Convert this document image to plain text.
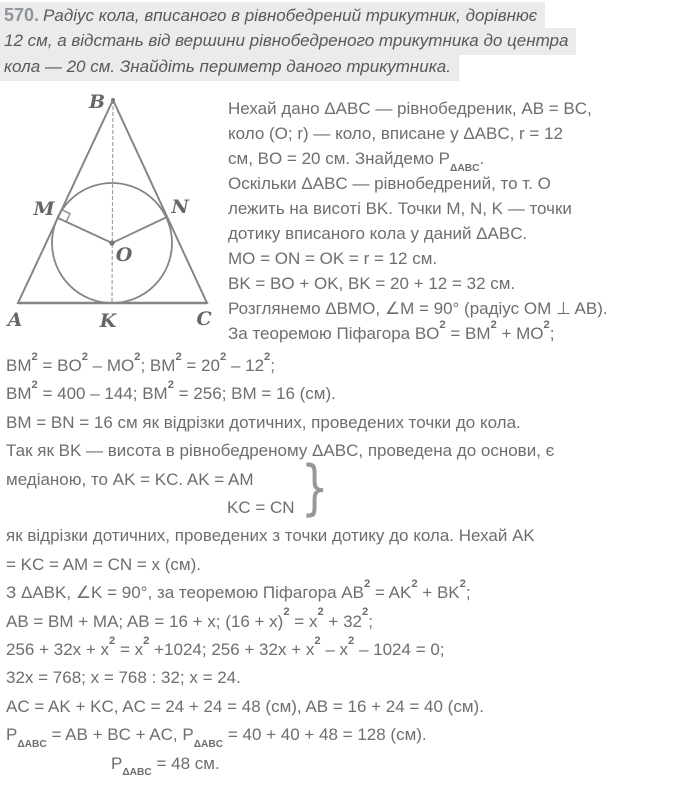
570. Радіус кола, вписаного в рівнобедрений трикутник, дорівнює
12 см, а відстань від вершини рівнобедреного трикутника до центра
кола — 20 см. Знайдіть периметр даного трикутника.
B
M	N
O
A	K	C
Нехай дано ΔABC — рівнобедреник, AB = BC,
коло (O; r) — коло, вписане у ΔABC, r = 12
см, BO = 20 см. Знайдемо $P_{\Delta ABC}$.
Оскільки ΔABC — рівнобедрений, то т. O
лежить на висоті BK. Точки M, N, K — точки
дотику вписаного кола у даний ΔABC.
MO = ON = OK = r = 12 см.
BK = BO + OK, BK = 20 + 12 = 32 см.
Розглянемо ΔBMO, ∠M = 90° (радіус OM ⊥ AB).
За теоремою Піфагора $BO^2 = BM^2 + MO^2$;
$BM^2 = BO^2 - MO^2$; $BM^2 = 20^2 - 12^2$;
$BM^2 = 400 - 144$; $BM^2 = 256$; BM = 16 (см).
BM = BN = 16 см як відрізки дотичних, проведених точки до кола.
Так як BK — висота в рівнобедреному ΔABC, проведена до основи, є
медіаною, то AK = KC. AK = AM
KC = CN
як відрізки дотичних, проведених з точки дотику до кола. Нехай AK
= KC = AM = CN = x (см).
З ΔABK, ∠K = 90°, за теоремою Піфагора $AB^2 = AK^2 + BK^2$;
AB = BM + MA; AB = 16 + x; $(16 + x)^2 = x^2 + 32^2$;
$256 + 32x + x^2 = x^2 +1024$; $256 + 32x + x^2 - x^2 - 1024 = 0$;
32x = 768; x = 768 : 32; x = 24.
AC = AK + KC, AC = 24 + 24 = 48 (см), AB = 16 + 24 = 40 (см).
$P_{\Delta ABC}$ = AB + BC + AC, $P_{\Delta ABC} = 40 + 40 + 48 = 128$ (см).
$P_{\Delta ABC} = 48$ см.
}
